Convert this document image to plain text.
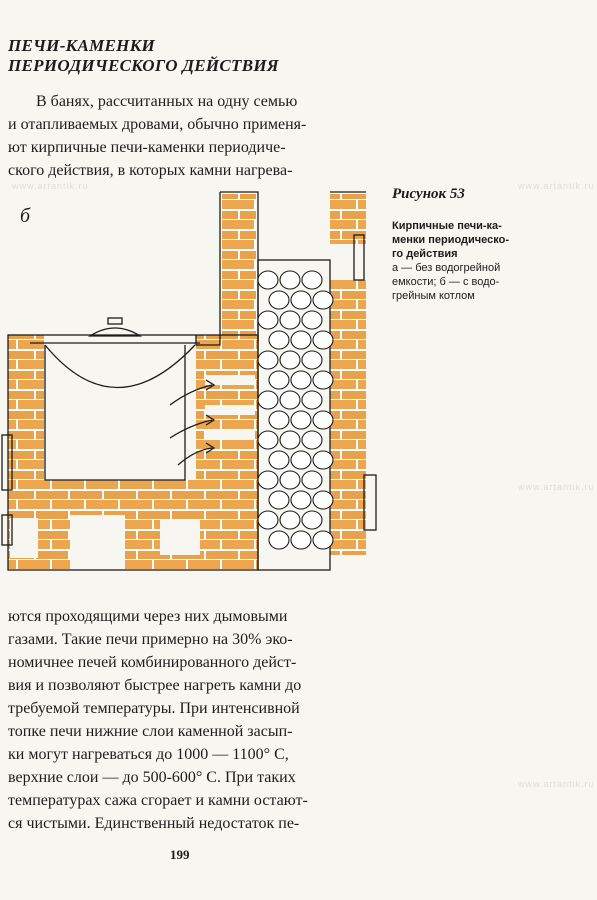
ПЕЧИ-КАМЕНКИ
ПЕРИОДИЧЕСКОГО ДЕЙСТВИЯ
В банях, рассчитанных на одну семью
и отапливаемых дровами, обычно применя-
ют кирпичные печи-каменки периодиче-
ского действия, в которых камни нагрева-
www.artantik.ru	www.artantik.ru
www.artantik.ru
www.artantik.ru
б
Рисунок 53
Кирпичные печи-ка-
менки периодическо-
го действия
а — без водогрейной
емкости; б — с водо-
грейным котлом
ются проходящими через них дымовыми
газами. Такие печи примерно на 30% эко-
номичнее печей комбинированного дейст-
вия и позволяют быстрее нагреть камни до
требуемой температуры. При интенсивной
топке печи нижние слои каменной засып-
ки могут нагреваться до 1000 — 1100° С,
верхние слои — до 500-600° С. При таких
температурах сажа сгорает и камни остают-
ся чистыми. Единственный недостаток пе-
199
